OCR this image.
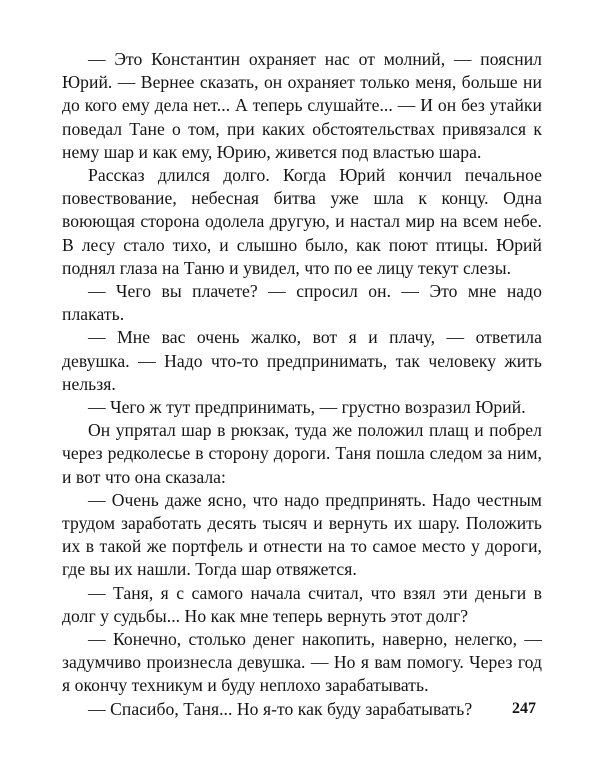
— Это Константин охраняет нас от молний, — пояснил Юрий. — Вернее сказать, он охраняет только меня, больше ни до кого ему дела нет... А теперь слушайте... — И он без утайки поведал Тане о том, при каких обстоятельствах привязался к нему шар и как ему, Юрию, живется под властью шара.

Рассказ длился долго. Когда Юрий кончил печальное повествование, небесная битва уже шла к концу. Одна воюющая сторона одолела другую, и настал мир на всем небе. В лесу стало тихо, и слышно было, как поют птицы. Юрий поднял глаза на Таню и увидел, что по ее лицу текут слезы.

— Чего вы плачете? — спросил он. — Это мне надо плакать.

— Мне вас очень жалко, вот я и плачу, — ответила девушка. — Надо что-то предпринимать, так человеку жить нельзя.

— Чего ж тут предпринимать, — грустно возразил Юрий.

Он упрятал шар в рюкзак, туда же положил плащ и побрел через редколесье в сторону дороги. Таня пошла следом за ним, и вот что она сказала:

— Очень даже ясно, что надо предпринять. Надо честным трудом заработать десять тысяч и вернуть их шару. Положить их в такой же портфель и отнести на то самое место у дороги, где вы их нашли. Тогда шар отвяжется.

— Таня, я с самого начала считал, что взял эти деньги в долг у судьбы... Но как мне теперь вернуть этот долг?

— Конечно, столько денег накопить, наверно, нелегко, — задумчиво произнесла девушка. — Но я вам помогу. Через год я окончу техникум и буду неплохо зарабатывать.

— Спасибо, Таня... Но я-то как буду зарабатывать?	247
